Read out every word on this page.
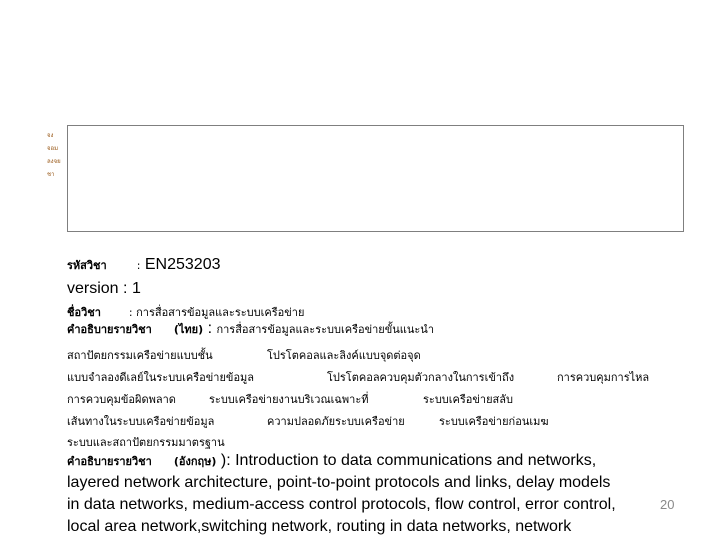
จงจอม
ลงจย
ชา
รหัสวิชา	: EN253203
version : 1
ชื่อวิชา	: การสื่อสารข้อมูลและระบบเครือข่าย
คำอธิบายรายวิชา (ไทย) : การสื่อสารข้อมูลและระบบเครือข่ายขั้นแนะนำ
สถาปัตยกรรมเครือข่ายแบบชั้น	โปรโตคอลและลิงค์แบบจุดต่อจุด
แบบจำลองดีเลย์ในระบบเครือข่ายข้อมูล	โปรโตคอลควบคุมตัวกลางในการเข้าถึง	การควบคุมการไหล
การควบคุมข้อผิดพลาด	ระบบเครือข่ายงานบริเวณเฉพาะที่	ระบบเครือข่ายสลับ
เส้นทางในระบบเครือข่ายข้อมูล	ความปลอดภัยระบบเครือข่าย	ระบบเครือข่ายก่อนเมฆ
ระบบและสถาปัตยกรรมมาตรฐาน
คำอธิบายรายวิชา (อังกฤษ) ): Introduction to data communications and networks,
layered network architecture, point-to-point protocols and links, delay models
in data networks, medium-access control protocols, flow control, error control,
local area network,switching network, routing in data networks, network
20
